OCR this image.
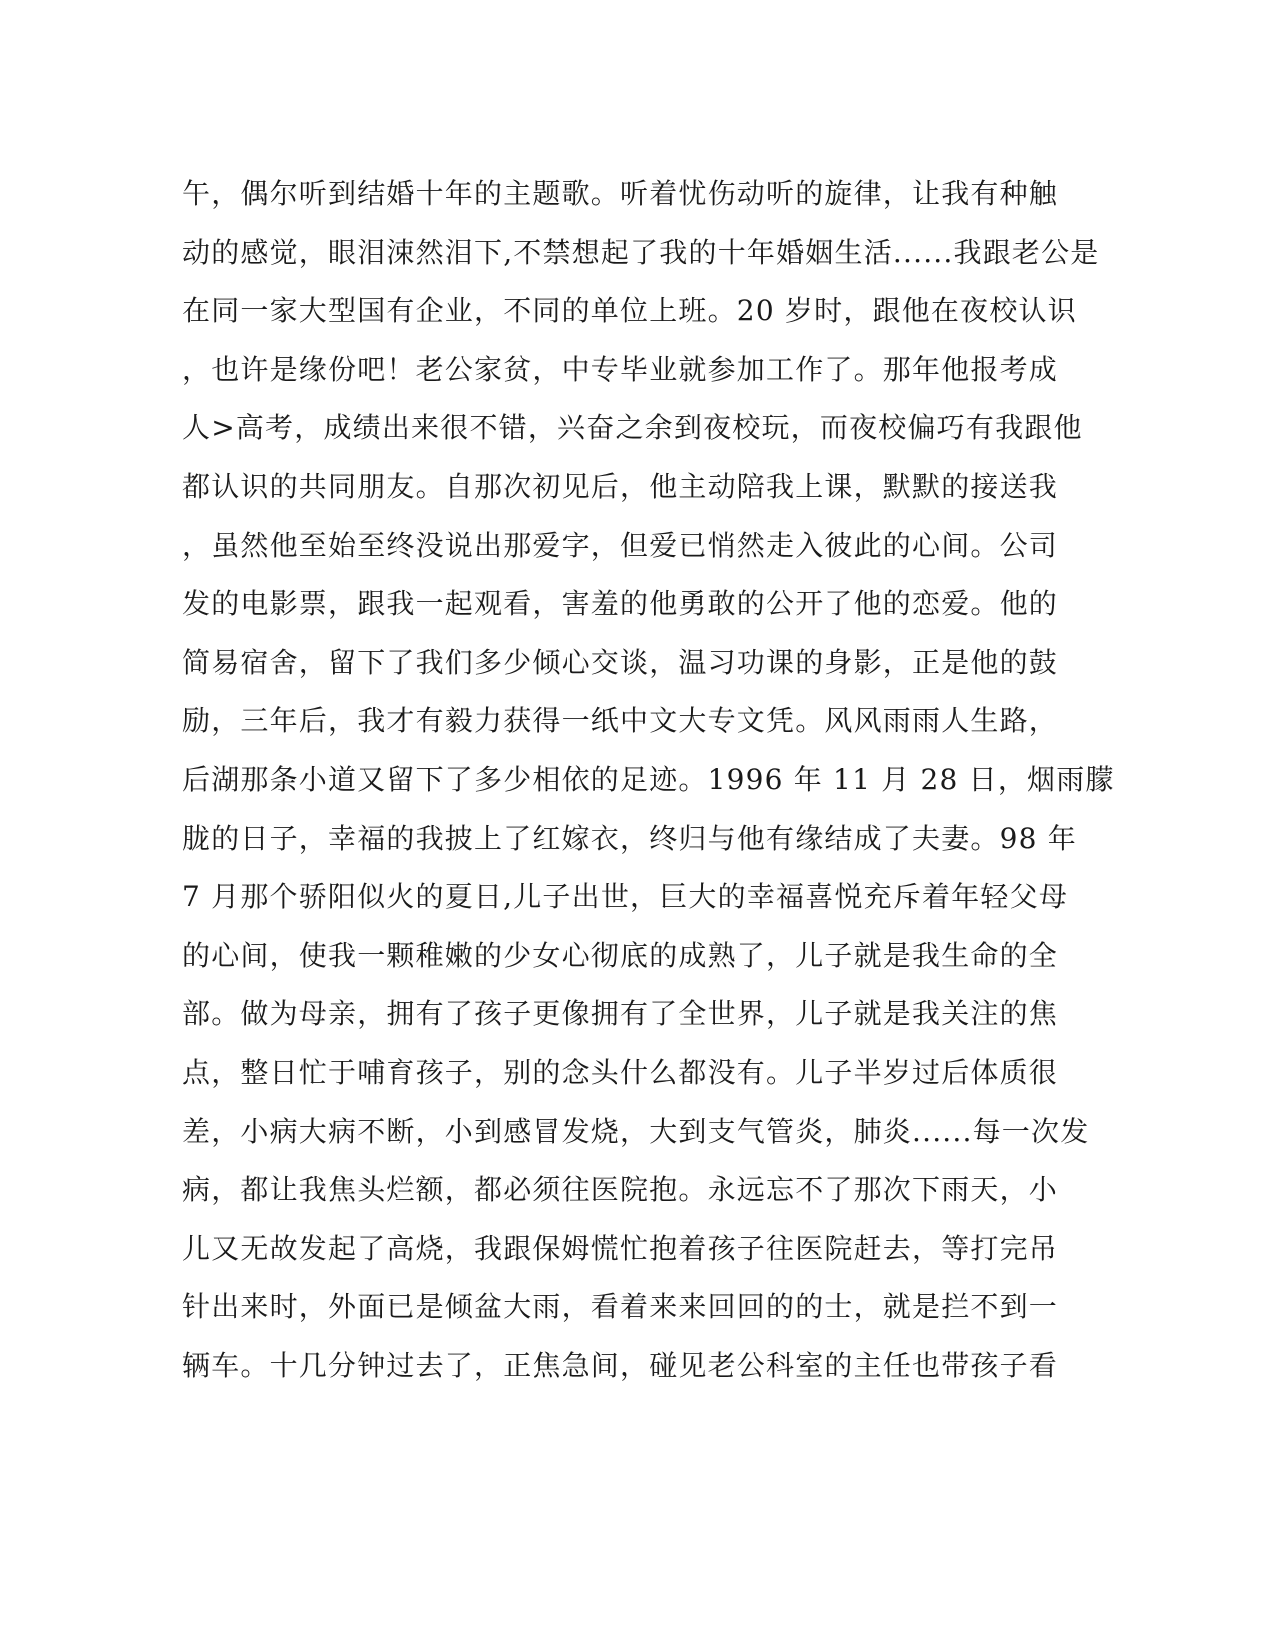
午，偶尔听到结婚十年的主题歌。听着忧伤动听的旋律，让我有种触
动的感觉，眼泪涑然泪下,不禁想起了我的十年婚姻生活......我跟老公是
在同一家大型国有企业，不同的单位上班。20 岁时，跟他在夜校认识
，也许是缘份吧！老公家贫，中专毕业就参加工作了。那年他报考成
人>高考，成绩出来很不错，兴奋之余到夜校玩，而夜校偏巧有我跟他
都认识的共同朋友。自那次初见后，他主动陪我上课，默默的接送我
，虽然他至始至终没说出那爱字，但爱已悄然走入彼此的心间。公司
发的电影票，跟我一起观看，害羞的他勇敢的公开了他的恋爱。他的
简易宿舍，留下了我们多少倾心交谈，温习功课的身影，正是他的鼓
励，三年后，我才有毅力获得一纸中文大专文凭。风风雨雨人生路，
后湖那条小道又留下了多少相依的足迹。1996 年 11 月 28 日，烟雨朦
胧的日子，幸福的我披上了红嫁衣，终归与他有缘结成了夫妻。98 年
7 月那个骄阳似火的夏日,儿子出世，巨大的幸福喜悦充斥着年轻父母
的心间，使我一颗稚嫩的少女心彻底的成熟了，儿子就是我生命的全
部。做为母亲，拥有了孩子更像拥有了全世界，儿子就是我关注的焦
点，整日忙于哺育孩子，别的念头什么都没有。儿子半岁过后体质很
差，小病大病不断，小到感冒发烧，大到支气管炎，肺炎......每一次发
病，都让我焦头烂额，都必须往医院抱。永远忘不了那次下雨天，小
儿又无故发起了高烧，我跟保姆慌忙抱着孩子往医院赶去，等打完吊
针出来时，外面已是倾盆大雨，看着来来回回的的士，就是拦不到一
辆车。十几分钟过去了，正焦急间，碰见老公科室的主任也带孩子看
